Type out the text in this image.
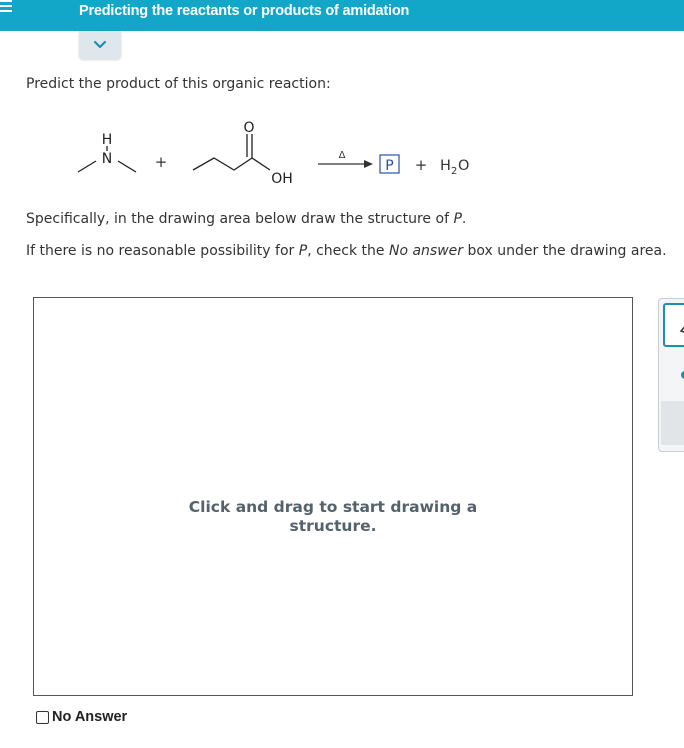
Predicting the reactants or products of amidation
Predict the product of this organic reaction:
H
N	+
O
OH
Δ
P + H 2 O
Specifically, in the drawing area below draw the structure of P.
If there is no reasonable possibility for P, check the No answer box under the drawing area.
Click and drag to start drawing a
structure.
No Answer
